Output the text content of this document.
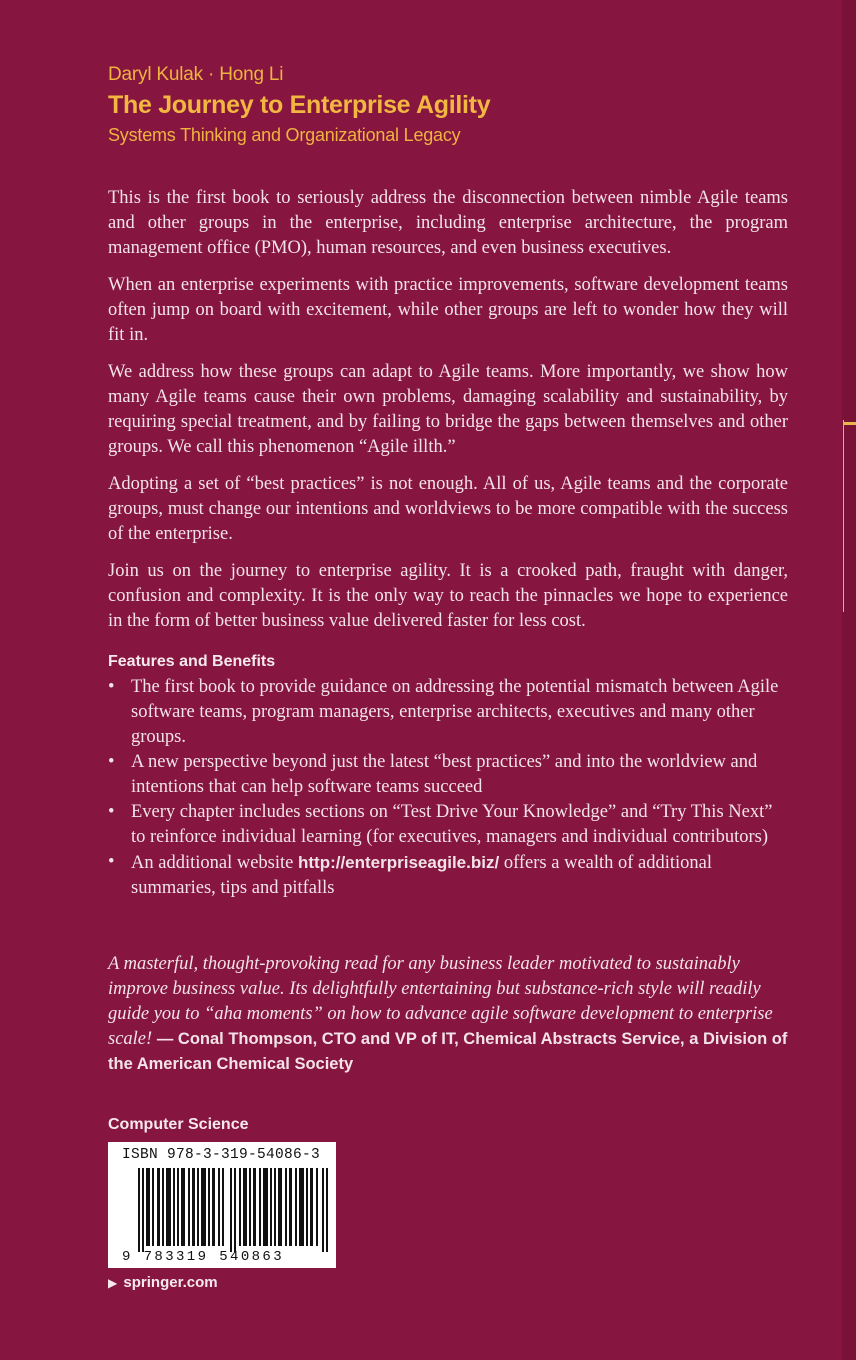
Daryl Kulak · Hong Li
The Journey to Enterprise Agility
Systems Thinking and Organizational Legacy

This is the first book to seriously address the disconnection between nimble Agile teams and other groups in the enterprise, including enterprise architecture, the program management office (PMO), human resources, and even business executives.

When an enterprise experiments with practice improvements, software development teams often jump on board with excitement, while other groups are left to wonder how they will fit in.

We address how these groups can adapt to Agile teams. More importantly, we show how many Agile teams cause their own problems, damaging scalability and sustainability, by requiring special treatment, and by failing to bridge the gaps between themselves and other groups. We call this phenomenon “Agile illth.”

Adopting a set of “best practices” is not enough. All of us, Agile teams and the corporate groups, must change our intentions and worldviews to be more compatible with the success of the enterprise.

Join us on the journey to enterprise agility. It is a crooked path, fraught with danger, confusion and complexity. It is the only way to reach the pinnacles we hope to experience in the form of better business value delivered faster for less cost.

Features and Benefits
• The first book to provide guidance on addressing the potential mismatch between Agile software teams, program managers, enterprise architects, executives and many other groups.
• A new perspective beyond just the latest “best practices” and into the worldview and intentions that can help software teams succeed
• Every chapter includes sections on “Test Drive Your Knowledge” and “Try This Next” to reinforce individual learning (for executives, managers and individual contributors)
• An additional website http://enterpriseagile.biz/ offers a wealth of additional summaries, tips and pitfalls
A masterful, thought-provoking read for any business leader motivated to sustainably improve business value. Its delightfully entertaining but substance-rich style will readily guide you to “aha moments” on how to advance agile software development to enterprise scale! — Conal Thompson, CTO and VP of IT, Chemical Abstracts Service, a Division of the American Chemical Society
Computer Science
ISBN 978-3-319-54086-3
9 783319 540863
▶ springer.com
